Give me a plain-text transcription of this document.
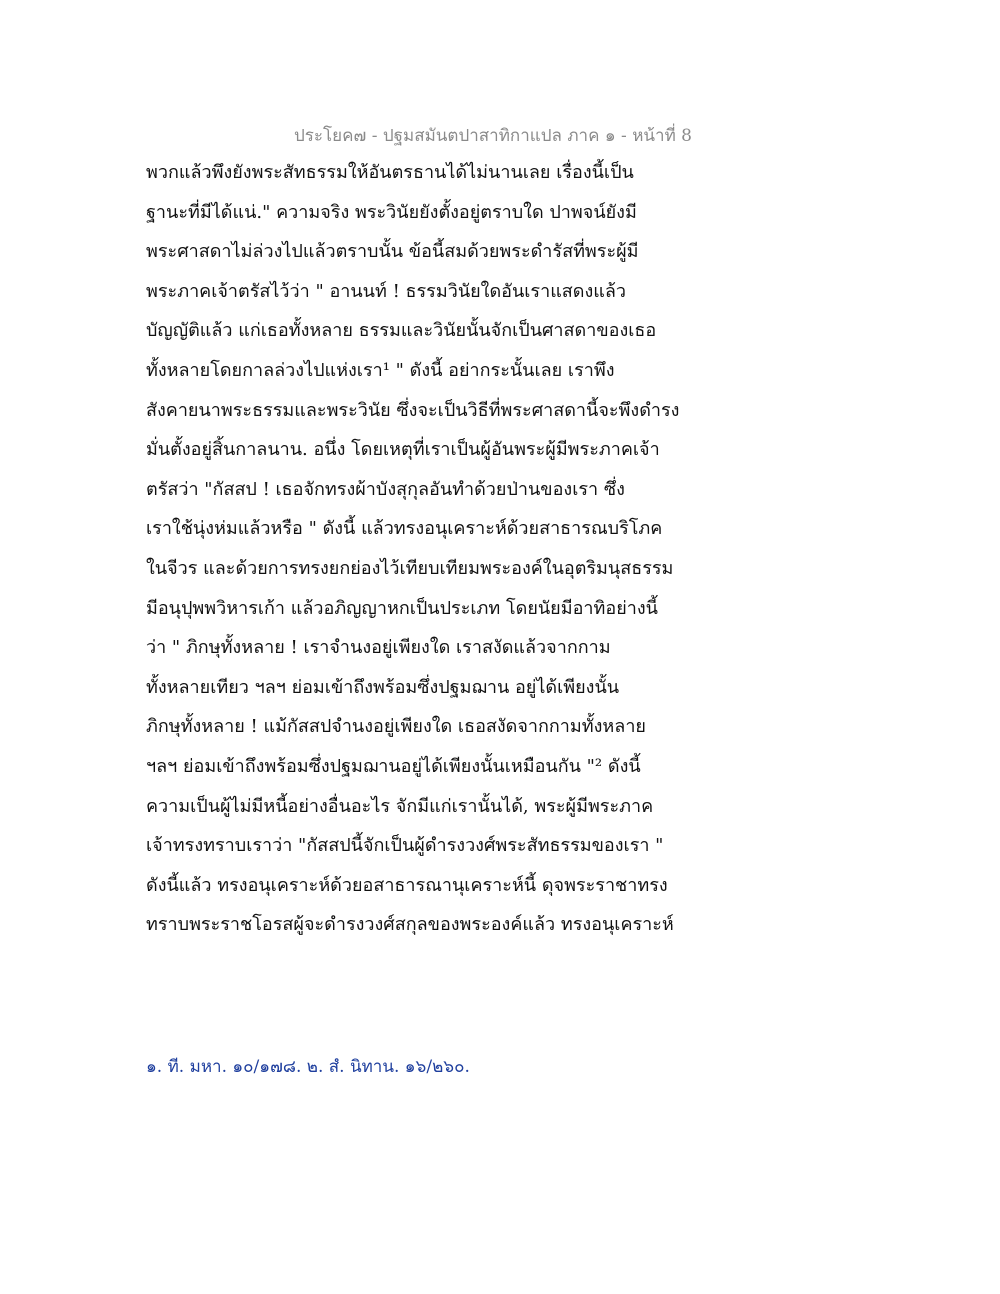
ประโยค๗ - ปฐมสมันตปาสาทิกาแปล ภาค ๑ - หน้าที่ 8
พวกแล้วพึงยังพระสัทธรรมให้อันตรธานได้ไม่นานเลย เรื่องนี้เป็น
ฐานะที่มีได้แน่." ความจริง พระวินัยยังตั้งอยู่ตราบใด ปาพจน์ยังมี
พระศาสดาไม่ล่วงไปแล้วตราบนั้น ข้อนี้สมด้วยพระดำรัสที่พระผู้มี
พระภาคเจ้าตรัสไว้ว่า " อานนท์ ! ธรรมวินัยใดอันเราแสดงแล้ว
บัญญัติแล้ว แก่เธอทั้งหลาย ธรรมและวินัยนั้นจักเป็นศาสดาของเธอ
ทั้งหลายโดยกาลล่วงไปแห่งเรา¹ " ดังนี้ อย่ากระนั้นเลย เราพึง
สังคายนาพระธรรมและพระวินัย ซึ่งจะเป็นวิธีที่พระศาสดานี้จะพึงดำรง
มั่นตั้งอยู่สิ้นกาลนาน. อนึ่ง โดยเหตุที่เราเป็นผู้อันพระผู้มีพระภาคเจ้า
ตรัสว่า "กัสสป ! เธอจักทรงผ้าบังสุกุลอันทำด้วยป่านของเรา ซึ่ง
เราใช้นุ่งห่มแล้วหรือ " ดังนี้ แล้วทรงอนุเคราะห์ด้วยสาธารณบริโภค
ในจีวร และด้วยการทรงยกย่องไว้เทียบเทียมพระองค์ในอุตริมนุสธรรม
มีอนุปุพพวิหารเก้า แล้วอภิญญาหกเป็นประเภท โดยนัยมีอาทิอย่างนี้
ว่า " ภิกษุทั้งหลาย ! เราจำนงอยู่เพียงใด เราสงัดแล้วจากกาม
ทั้งหลายเทียว ฯลฯ ย่อมเข้าถึงพร้อมซึ่งปฐมฌาน อยู่ได้เพียงนั้น
ภิกษุทั้งหลาย ! แม้กัสสปจำนงอยู่เพียงใด เธอสงัดจากกามทั้งหลาย
ฯลฯ ย่อมเข้าถึงพร้อมซึ่งปฐมฌานอยู่ได้เพียงนั้นเหมือนกัน "² ดังนี้
ความเป็นผู้ไม่มีหนี้อย่างอื่นอะไร จักมีแก่เรานั้นได้, พระผู้มีพระภาค
เจ้าทรงทราบเราว่า "กัสสปนี้จักเป็นผู้ดำรงวงศ์พระสัทธรรมของเรา "
ดังนี้แล้ว ทรงอนุเคราะห์ด้วยอสาธารณานุเคราะห์นี้ ดุจพระราชาทรง
ทราบพระราชโอรสผู้จะดำรงวงศ์สกุลของพระองค์แล้ว ทรงอนุเคราะห์
๑. ที. มหา. ๑๐/๑๗๘. ๒. สํ. นิทาน. ๑๖/๒๖๐.
